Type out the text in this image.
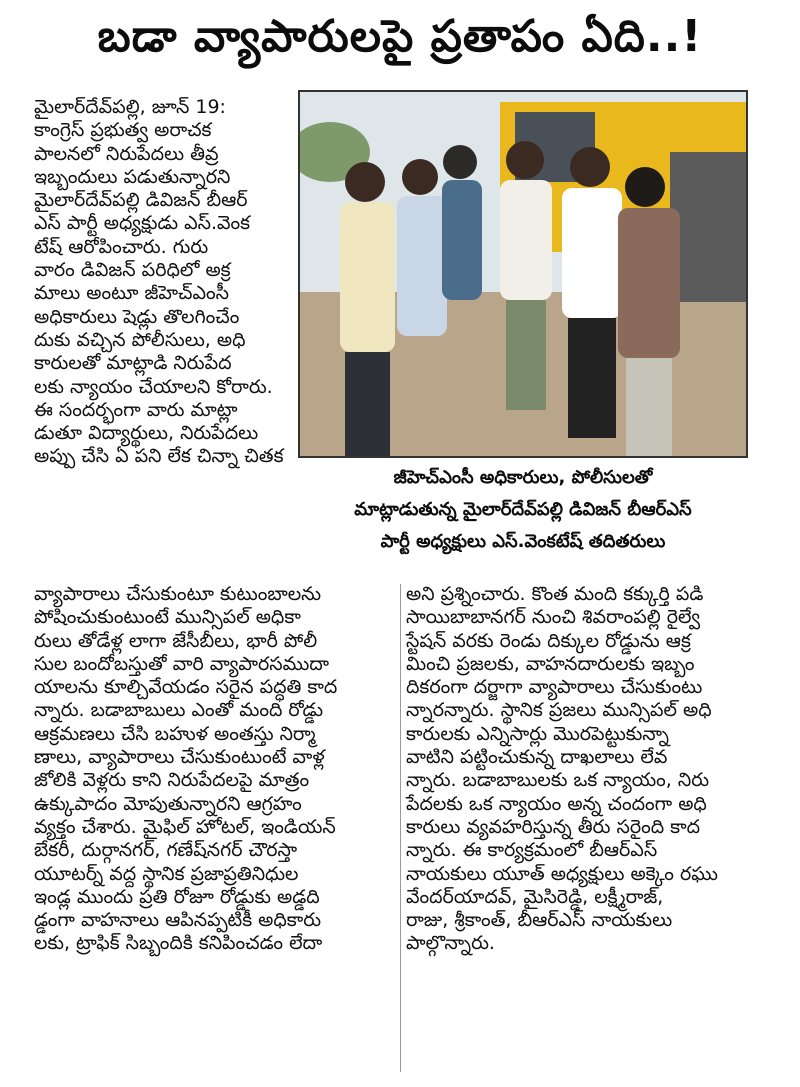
బడా వ్యాపారులపై ప్రతాపం ఏది..!

మైలార్‌దేవ్‌పల్లి, జూన్ 19:

కాంగ్రెస్ ప్రభుత్వ అరాచక

పాలనలో నిరుపేదలు తీవ్ర

ఇబ్బందులు పడుతున్నారని

మైలార్‌దేవ్‌పల్లి డివిజన్ బీఆర్

ఎస్ పార్టీ అధ్యక్షుడు ఎస్.వెంక

టేష్ ఆరోపించారు. గురు

వారం డివిజన్ పరిధిలో అక్ర

మాలు అంటూ జీహెచ్ఎంసీ

అధికారులు షెడ్లు తొలగించేం

దుకు వచ్చిన పోలీసులు, అధి

కారులతో మాట్లాడి నిరుపేద

లకు న్యాయం చేయాలని కోరారు.

ఈ సందర్భంగా వారు మాట్లా

డుతూ విద్యార్థులు, నిరుపేదలు

అప్పు చేసి ఏ పని లేక చిన్నా చితక

జీహెచ్ఎంసీ అధికారులు, పోలీసులతో

మాట్లాడుతున్న మైలార్‌దేవ్‌పల్లి డివిజన్ బీఆర్ఎస్

పార్టీ అధ్యక్షులు ఎస్.వెంకటేష్ తదితరులు

వ్యాపారాలు చేసుకుంటూ కుటుంబాలను

పోషించుకుంటుంటే మున్సిపల్ అధికా

రులు తోడేళ్ల లాగా జేసీబీలు, భారీ పోలీ

సుల బందోబస్తుతో వారి వ్యాపారసముదా

యాలను కూల్చివేయడం సరైన పద్ధతి కాద

న్నారు. బడాబాబులు ఎంతో మంది రోడ్డు

ఆక్రమణలు చేసి బహుళ అంతస్తు నిర్మా

ణాలు, వ్యాపారాలు చేసుకుంటుంటే వాళ్ల

జోలికి వెళ్లరు కాని నిరుపేదలపై మాత్రం

ఉక్కుపాదం మోపుతున్నారని ఆగ్రహం

వ్యక్తం చేశారు. మైఫిల్ హోటల్, ఇండియన్

బేకరీ, దుర్గానగర్, గణేష్‌నగర్ చౌరస్తా

యూటర్న్ వద్ద స్థానిక ప్రజాప్రతినిధుల

ఇండ్ల ముందు ప్రతి రోజూ రోడ్డుకు అడ్డది

డ్డంగా వాహనాలు ఆపినప్పటికీ అధికారు

లకు, ట్రాఫిక్ సిబ్బందికి కనిపించడం లేదా

అని ప్రశ్నించారు. కొంత మంది కక్కుర్తి పడి

సాయిబాబానగర్ నుంచి శివరాంపల్లి రైల్వే

స్టేషన్ వరకు రెండు దిక్కుల రోడ్డును ఆక్ర

మించి ప్రజలకు, వాహనదారులకు ఇబ్బం

దికరంగా దర్జాగా వ్యాపారాలు చేసుకుంటు

న్నారన్నారు. స్థానిక ప్రజలు మున్సిపల్ అధి

కారులకు ఎన్నిసార్లు మొరపెట్టుకున్నా

వాటిని పట్టించుకున్న దాఖలాలు లేవ

న్నారు. బడాబాబులకు ఒక న్యాయం, నిరు

పేదలకు ఒక న్యాయం అన్న చందంగా అధి

కారులు వ్యవహరిస్తున్న తీరు సరైంది కాద

న్నారు. ఈ కార్యక్రమంలో బీఆర్ఎస్

నాయకులు యూత్ అధ్యక్షులు అక్కెం రఘు

వేందర్‌యాదవ్, మైసిరెడ్డి, లక్ష్మీరాజ్,

రాజు, శ్రీకాంత్, బీఆర్ఎస్ నాయకులు

పాల్గొన్నారు.
